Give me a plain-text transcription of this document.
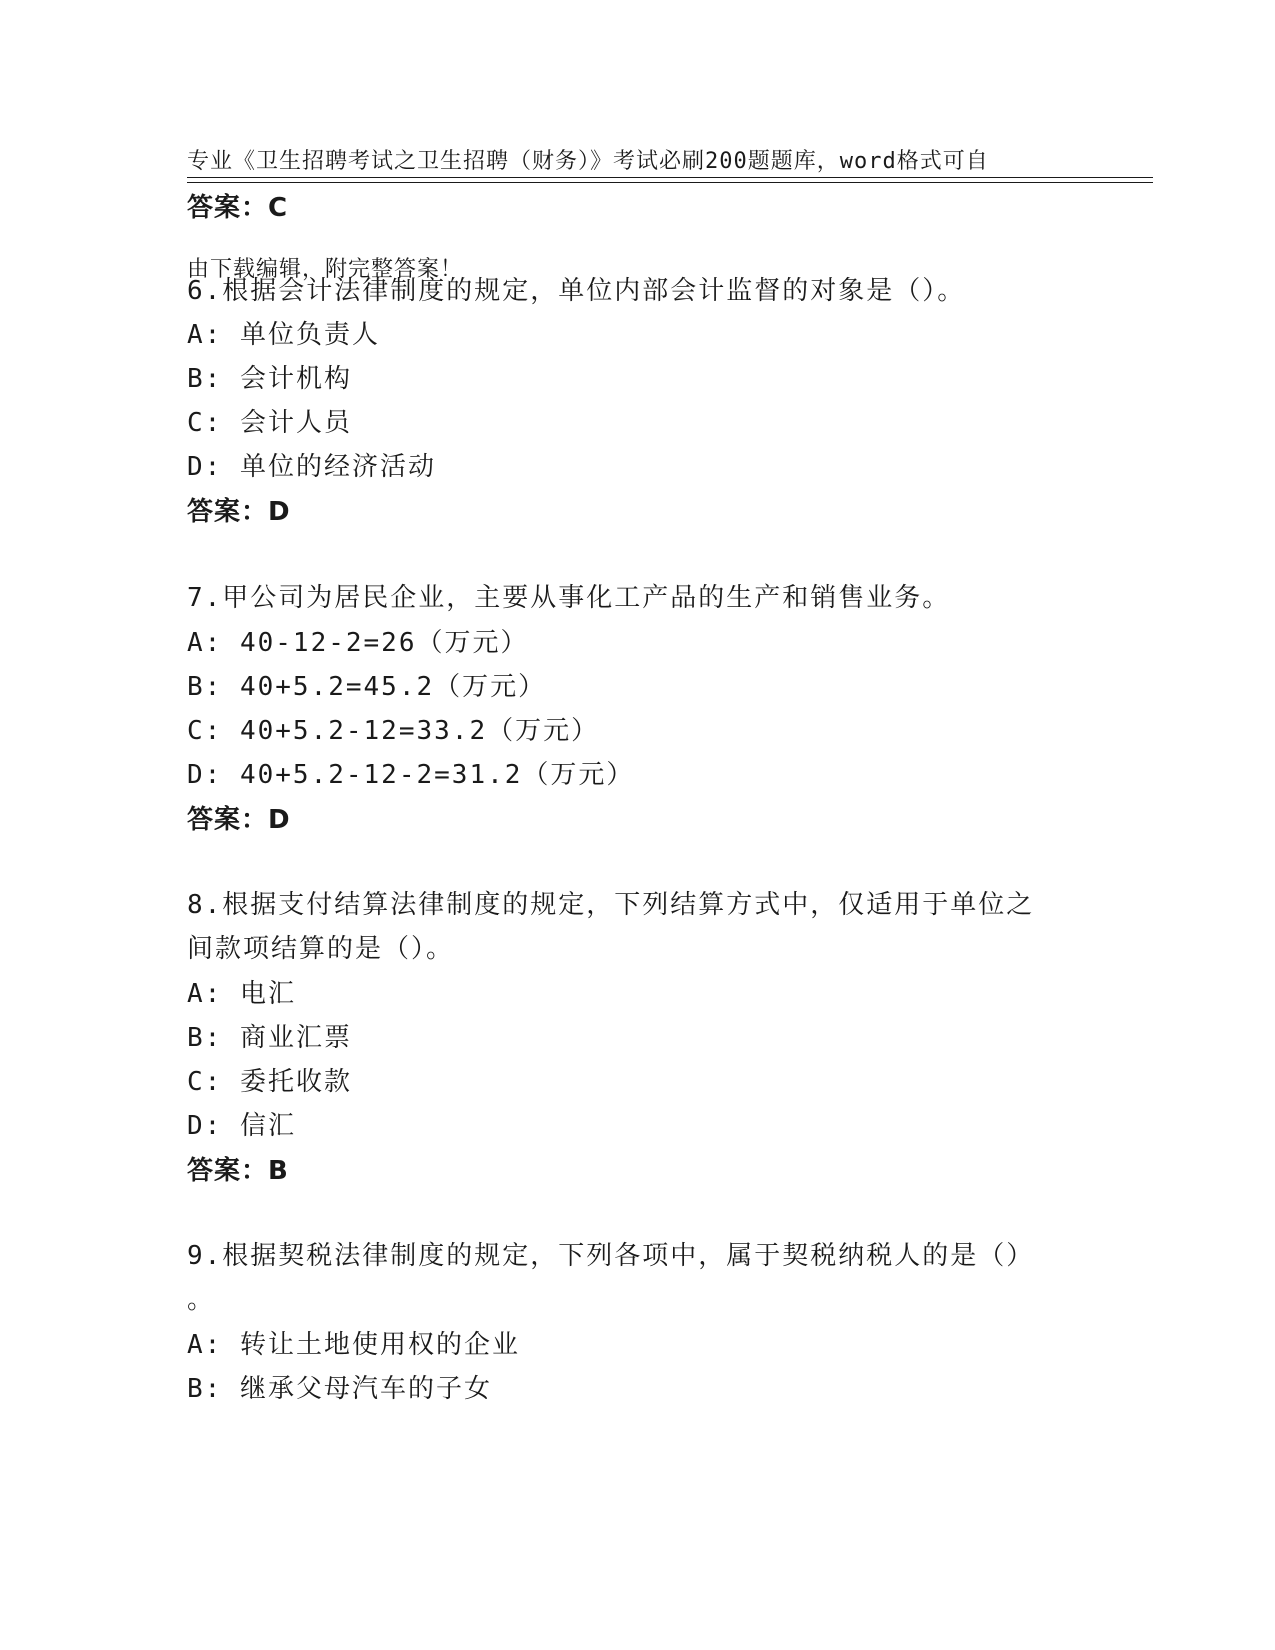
专业《卫生招聘考试之卫生招聘（财务）》考试必刷200题题库，word格式可自

由下载编辑，附完整答案！

答案：C
6.根据会计法律制度的规定，单位内部会计监督的对象是（）。
A: 单位负责人
B: 会计机构
C: 会计人员
D: 单位的经济活动
答案：D
7.甲公司为居民企业，主要从事化工产品的生产和销售业务。
A: 40-12-2=26（万元）
B: 40+5.2=45.2（万元）
C: 40+5.2-12=33.2（万元）
D: 40+5.2-12-2=31.2（万元）
答案：D
8.根据支付结算法律制度的规定，下列结算方式中，仅适用于单位之
间款项结算的是（）。
A: 电汇
B: 商业汇票
C: 委托收款
D: 信汇
答案：B
9.根据契税法律制度的规定，下列各项中，属于契税纳税人的是（）
。
A: 转让土地使用权的企业
B: 继承父母汽车的子女
